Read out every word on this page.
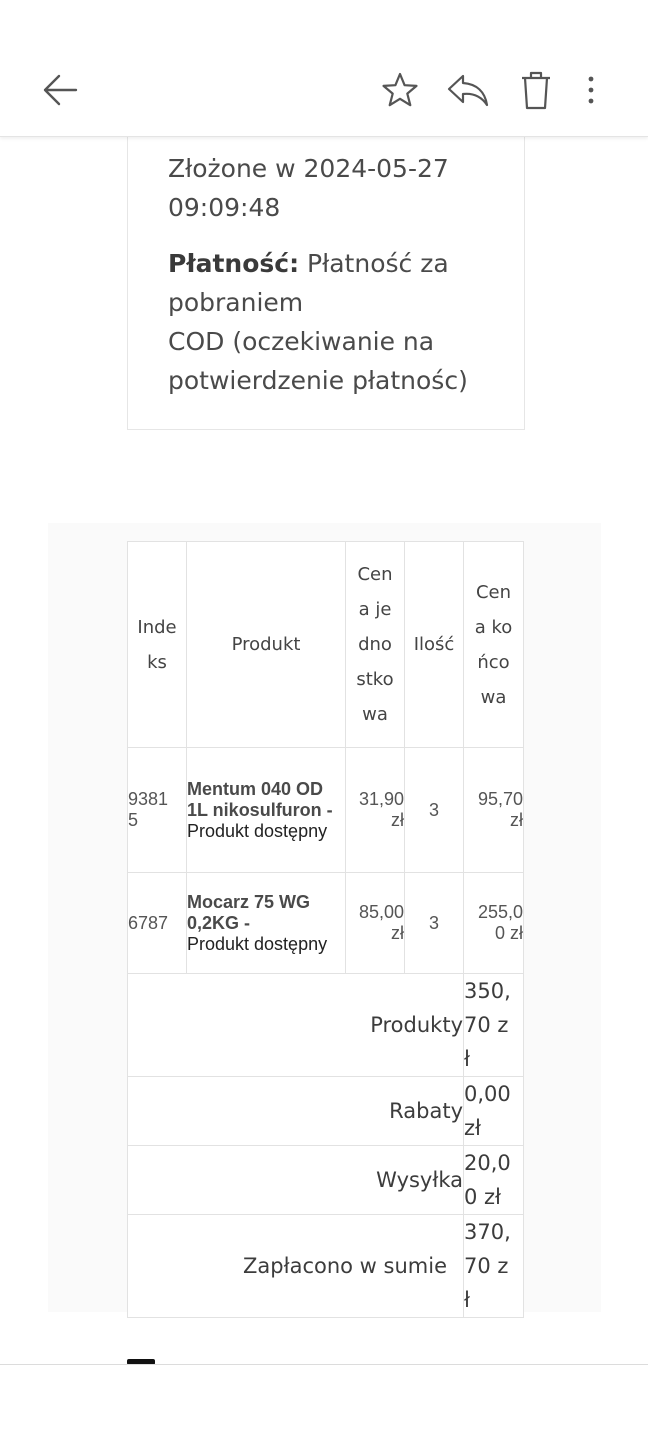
Złożone w 2024-05-27 09:09:48
Płatność: Płatność za pobraniem
COD (oczekiwanie na potwierdzenie płatnośc)
Indeks	Produkt	Cena jednostkowa	Ilość	Cena końcowa
93815	Mentum 040 OD 1L nikosulfuron -
Produkt dostępny	31,90 zł	3	95,70 zł
6787	Mocarz 75 WG 0,2KG -
Produkt dostępny	85,00 zł	3	255,00 zł
Produkty				350,70 zł
Rabaty				0,00 zł
Wysyłka				20,00 zł
Zapłacono w sumie				370,70 zł
